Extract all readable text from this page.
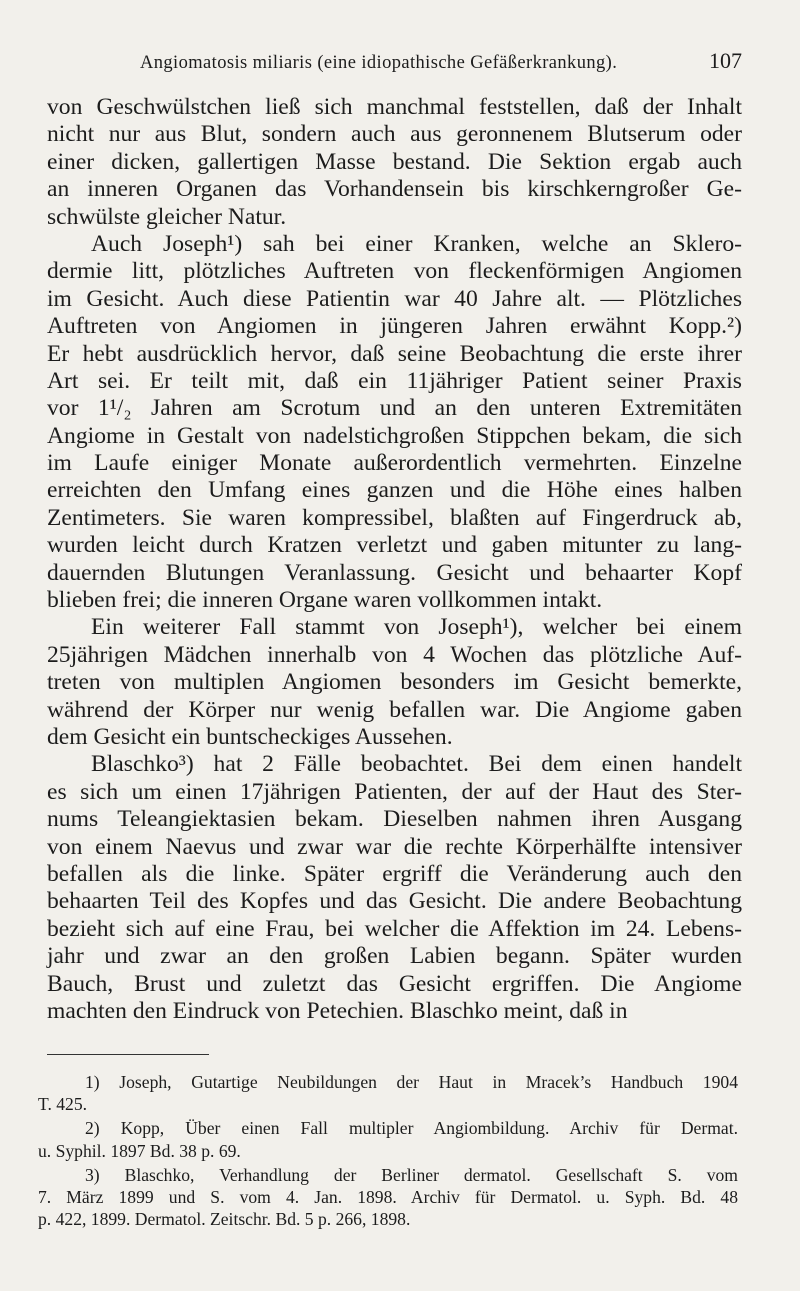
Angiomatosis miliaris (eine idiopathische Gefäßerkrankung).	107
von Geschwülstchen ließ sich manchmal feststellen, daß der Inhalt
nicht nur aus Blut, sondern auch aus geronnenem Blutserum oder
einer dicken, gallertigen Masse bestand. Die Sektion ergab auch
an inneren Organen das Vorhandensein bis kirschkerngroßer Ge-
schwülste gleicher Natur.
Auch Joseph¹) sah bei einer Kranken, welche an Sklero-
dermie litt, plötzliches Auftreten von fleckenförmigen Angiomen
im Gesicht. Auch diese Patientin war 40 Jahre alt. — Plötzliches
Auftreten von Angiomen in jüngeren Jahren erwähnt Kopp.²)
Er hebt ausdrücklich hervor, daß seine Beobachtung die erste ihrer
Art sei. Er teilt mit, daß ein 11jähriger Patient seiner Praxis
vor 1¹/₂ Jahren am Scrotum und an den unteren Extremitäten
Angiome in Gestalt von nadelstichgroßen Stippchen bekam, die sich
im Laufe einiger Monate außerordentlich vermehrten. Einzelne
erreichten den Umfang eines ganzen und die Höhe eines halben
Zentimeters. Sie waren kompressibel, blaßten auf Fingerdruck ab,
wurden leicht durch Kratzen verletzt und gaben mitunter zu lang-
dauernden Blutungen Veranlassung. Gesicht und behaarter Kopf
blieben frei; die inneren Organe waren vollkommen intakt.
Ein weiterer Fall stammt von Joseph¹), welcher bei einem
25jährigen Mädchen innerhalb von 4 Wochen das plötzliche Auf-
treten von multiplen Angiomen besonders im Gesicht bemerkte,
während der Körper nur wenig befallen war. Die Angiome gaben
dem Gesicht ein buntscheckiges Aussehen.
Blaschko³) hat 2 Fälle beobachtet. Bei dem einen handelt
es sich um einen 17jährigen Patienten, der auf der Haut des Ster-
nums Teleangiektasien bekam. Dieselben nahmen ihren Ausgang
von einem Naevus und zwar war die rechte Körperhälfte intensiver
befallen als die linke. Später ergriff die Veränderung auch den
behaarten Teil des Kopfes und das Gesicht. Die andere Beobachtung
bezieht sich auf eine Frau, bei welcher die Affektion im 24. Lebens-
jahr und zwar an den großen Labien begann. Später wurden
Bauch, Brust und zuletzt das Gesicht ergriffen. Die Angiome
machten den Eindruck von Petechien. Blaschko meint, daß in
1) Joseph, Gutartige Neubildungen der Haut in Mracek’s Handbuch 1904
T. 425.
2) Kopp, Über einen Fall multipler Angiombildung. Archiv für Dermat.
u. Syphil. 1897 Bd. 38 p. 69.
3) Blaschko, Verhandlung der Berliner dermatol. Gesellschaft S. vom
7. März 1899 und S. vom 4. Jan. 1898. Archiv für Dermatol. u. Syph. Bd. 48
p. 422, 1899. Dermatol. Zeitschr. Bd. 5 p. 266, 1898.
